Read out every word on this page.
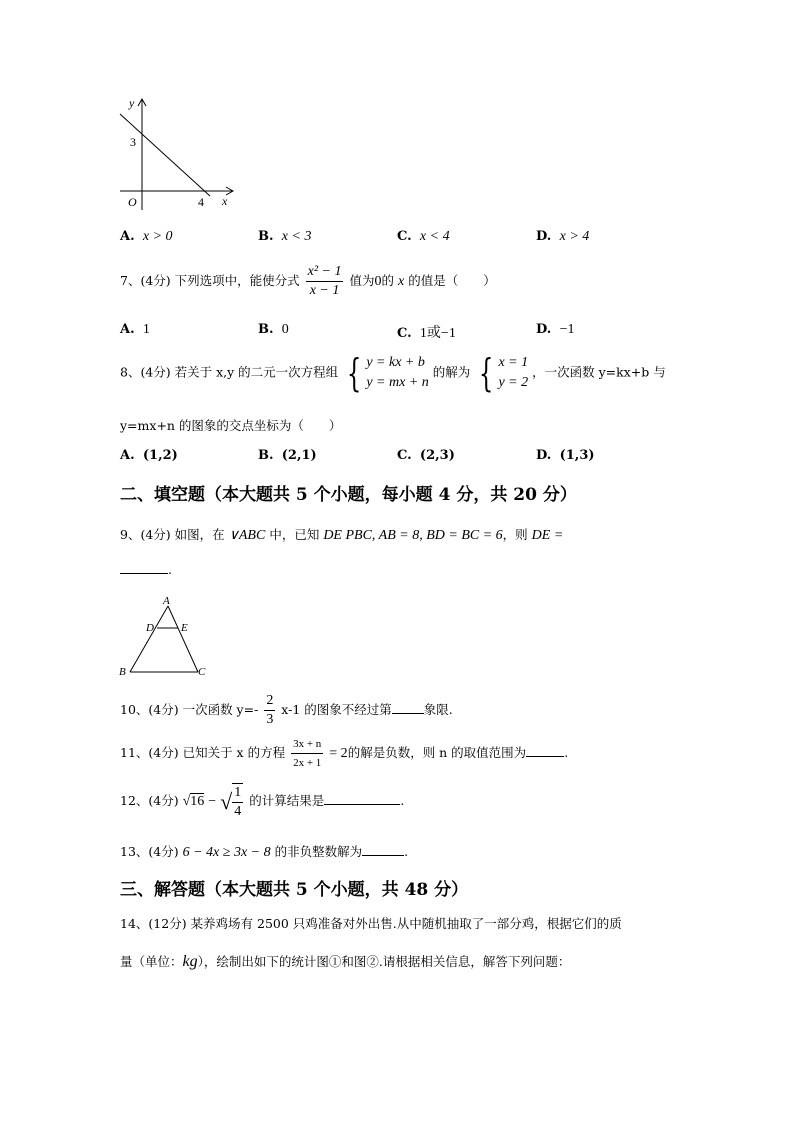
y
x
O
3
4
A. x > 0	B. x < 3	C. x < 4	D. x > 4
7、(4分) 下列选项中，能使分式 $\frac{\text{x² − 1}}{x - 1}$ 值为0的 x 的值是（　　）
A. 1	B. 0	C. 1或−1	D. −1
8、(4分) 若关于 x,y 的二元一次方程组 { y = kx + b
y = mx + n
的解为 { x = 1
y = 2
，一次函数 y=kx+b 与
y=mx+n 的图象的交点坐标为（　　）
A. (1,2)	B. (2,1)	C. (2,3)	D. (1,3)
二、填空题（本大题共 5 个小题，每小题 4 分，共 20 分）
9、(4分) 如图，在 ∨ABC 中，已知 DE PBC, AB = 8, BD = BC = 6，则 DE =
.
A
B	C
D E
10、(4分) 一次函数 $y=- \frac{2}{3} x-1$ 的图象不经过第	象限.
11、(4分) 已知关于 x 的方程 $\frac{3x + n}{2x + 1} = 2$的解是负数，则 n 的取值范围为	.
12、(4分) √16 − √ $\frac{1}{4}$ 的计算结果是	.
13、(4分) 6 − 4x ≥ 3x − 8 的非负整数解为	.
三、解答题（本大题共 5 个小题，共 48 分）
14、(12分) 某养鸡场有 2500 只鸡准备对外出售.从中随机抽取了一部分鸡，根据它们的质
量（单位：kg），绘制出如下的统计图①和图②.请根据相关信息，解答下列问题：
